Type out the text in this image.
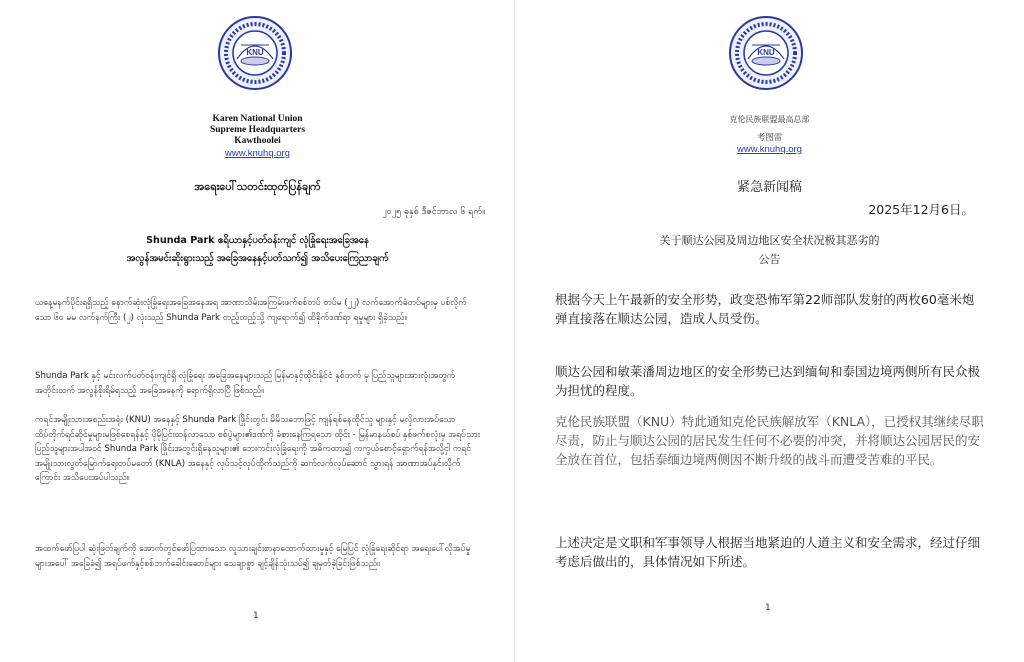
KNU
Karen National Union
Supreme Headquarters
Kawthoolei
www.knuhq.org
အရေးပေါ်သတင်းထုတ်ပြန်ချက်
၂၀၂၅ ခုနှစ် ဒီဇင်ဘာလ ၆ ရက်။
Shunda Park ဧရိယာနှင့်ပတ်ဝန်းကျင် လုံခြုံရေးအခြေအနေ
အလွန်အမင်းဆိုးရွားသည့် အခြေအနေနှင့်ပတ်သက်၍ အသိပေးကြေညာချက်

ယနေ့မနက်ပိုင်းရရှိသည့် နောက်ဆုံးလုံခြုံရေးအခြေအနေအရ အာဏာသိမ်းအကြမ်းဖက်စစ်တပ် တပ်မ (၂၂) လက်အောက်ခံတပ်များမှ ပစ်လိုက်သော ၆၀ မမ လက်နက်ကြီး (၂) လုံးသည် Shunda Park တည့်တည့်သို့ ကျရောက်၍ ထိခိုက်ဒဏ်ရာ ရမှုများ ရှိခဲ့သည်။

Shunda Park နှင့် မင်းလက်ပတ်ဝန်းကျင်ရှိ လုံခြုံရေး အခြေအနေများသည် မြန်မာနှင့်ထိုင်းနိုင်ငံ နှစ်ဘက် မှ ပြည်သူများအားလုံးအတွက် အတိုင်းထက် အလွန်စိုးရိမ်ရသည့် အခြေအနေကို ရောက်ရှိလာပြီ ဖြစ်သည်။

ကရင်အမျိုးသားအစည်းအရုံး (KNU) အနေနှင့် Shunda Park ဖြိုင်းတွင်း မိမိသဘောဖြင့် ကျန်ရစ်နေထိုင်သူ များနှင့် မလိုလားအပ်သော ထိပ်တိုက်ရင်ဆိုင်မှုများမဖြစ်စေရန်နှင့် ပိုမိုပြင်းထန်လာသော စစ်ပွဲများ၏ဒဏ်ကို ခံစားနေကြရသော ထိုင်း - မြန်မာနယ်စပ် နှစ်ဖက်စလုံးမှ အရပ်သားပြည်သူများအပါအဝင် Shunda Park ဖြိုင်းအတွင်းရှိနေသူများ၏ ဘေးကင်းလုံခြုံရေးကို အဓိကထား၍ ကကွယ်စောင့်ရှောက်ရန်အလို့ငှါ ကရင် အမျိုးသားလွတ်မြောက်ရေးတပ်မတော် (KNLA) အနေနှင့် လုပ်သင့်လုပ်ထိုက်သည်ကို ဆက်လက်လုပ်ဆောင် သွားရန် အာဏာအပ်နှင်းလိုက်ကြောင်း အသိပေးအပ်ပါသည်။

အထက်ဖော်ပြပါ ဆုံးဖြတ်ချက်ကို အောက်တွင်ဖော်ပြထားသော လူသားချင်းစာနာထောက်ထားမှုနှင့် မြေပြင် လုံခြုံရေးဆိုင်ရာ အရေးပေါ်လိုအပ်မှုများအပေါ် အခြေခံ၍ အရပ်ဖက်နှင့်စစ်ဘက်ခေါင်းဆောင်များ သေချာစွာ ချင့်ချိန်သုံးသပ်၍ ချမှတ်ခဲ့ခြင်းဖြစ်သည်။

1
KNU
克伦民族联盟最高总部
考图雷
www.knuhq.org
紧急新闻稿
2025年12月6日。
关于顺达公园及周边地区安全状况极其恶劣的
公告

根据今天上午最新的安全形势，政变恐怖军第22师部队发射的两枚60毫米炮弹直接落在顺达公园，造成人员受伤。

顺达公园和敏莱潘周边地区的安全形势已达到缅甸和泰国边境两侧所有民众极为担忧的程度。

克伦民族联盟（KNU）特此通知克伦民族解放军（KNLA），已授权其继续尽职尽责，防止与顺达公园的居民发生任何不必要的冲突，并将顺达公园居民的安全放在首位，包括泰缅边境两侧因不断升级的战斗而遭受苦难的平民。

上述决定是文职和军事领导人根据当地紧迫的人道主义和安全需求，经过仔细考虑后做出的，具体情况如下所述。

1
